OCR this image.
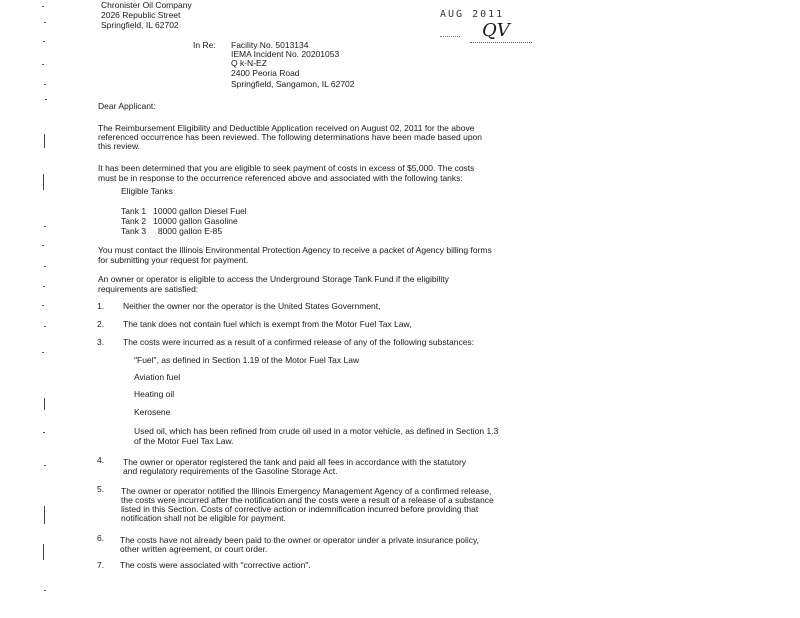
Chronister Oil Company
2026 Republic Street
Springfield, IL 62702
AUG 2011
QV
In Re: Facility No. 5013134
IEMA Incident No. 20201053
Q k-N-EZ
2400 Peoria Road
Springfield, Sangamon, IL 62702
Dear Applicant:
The Reimbursement Eligibility and Deductible Application received on August 02, 2011 for the above
referenced occurrence has been reviewed. The following determinations have been made based upon
this review.
It has been determined that you are eligible to seek payment of costs in excess of $5,000. The costs
must be in response to the occurrence referenced above and associated with the following tanks:
Eligible Tanks
Tank 1   10000 gallon Diesel Fuel
Tank 2   10000 gallon Gasoline
Tank 3     8000 gallon E-85
You must contact the Illinois Environmental Protection Agency to receive a packet of Agency billing forms
for submitting your request for payment.
An owner or operator is eligible to access the Underground Storage Tank Fund if the eligibility
requirements are satisfied:
1. Neither the owner nor the operator is the United States Government,
2. The tank does not contain fuel which is exempt from the Motor Fuel Tax Law,
3. The costs were incurred as a result of a confirmed release of any of the following substances:
"Fuel", as defined in Section 1.19 of the Motor Fuel Tax Law
Aviation fuel
Heating oil
Kerosene
Used oil, which has been refined from crude oil used in a motor vehicle, as defined in Section 1.3
of the Motor Fuel Tax Law.
4. The owner or operator registered the tank and paid all fees in accordance with the statutory
and regulatory requirements of the Gasoline Storage Act.
5. The owner or operator notified the Illinois Emergency Management Agency of a confirmed release,
the costs were incurred after the notification and the costs were a result of a release of a substance
listed in this Section. Costs of corrective action or indemnification incurred before providing that
notification shall not be eligible for payment.
6. The costs have not already been paid to the owner or operator under a private insurance policy,
other written agreement, or court order.
7. The costs were associated with "corrective action".
